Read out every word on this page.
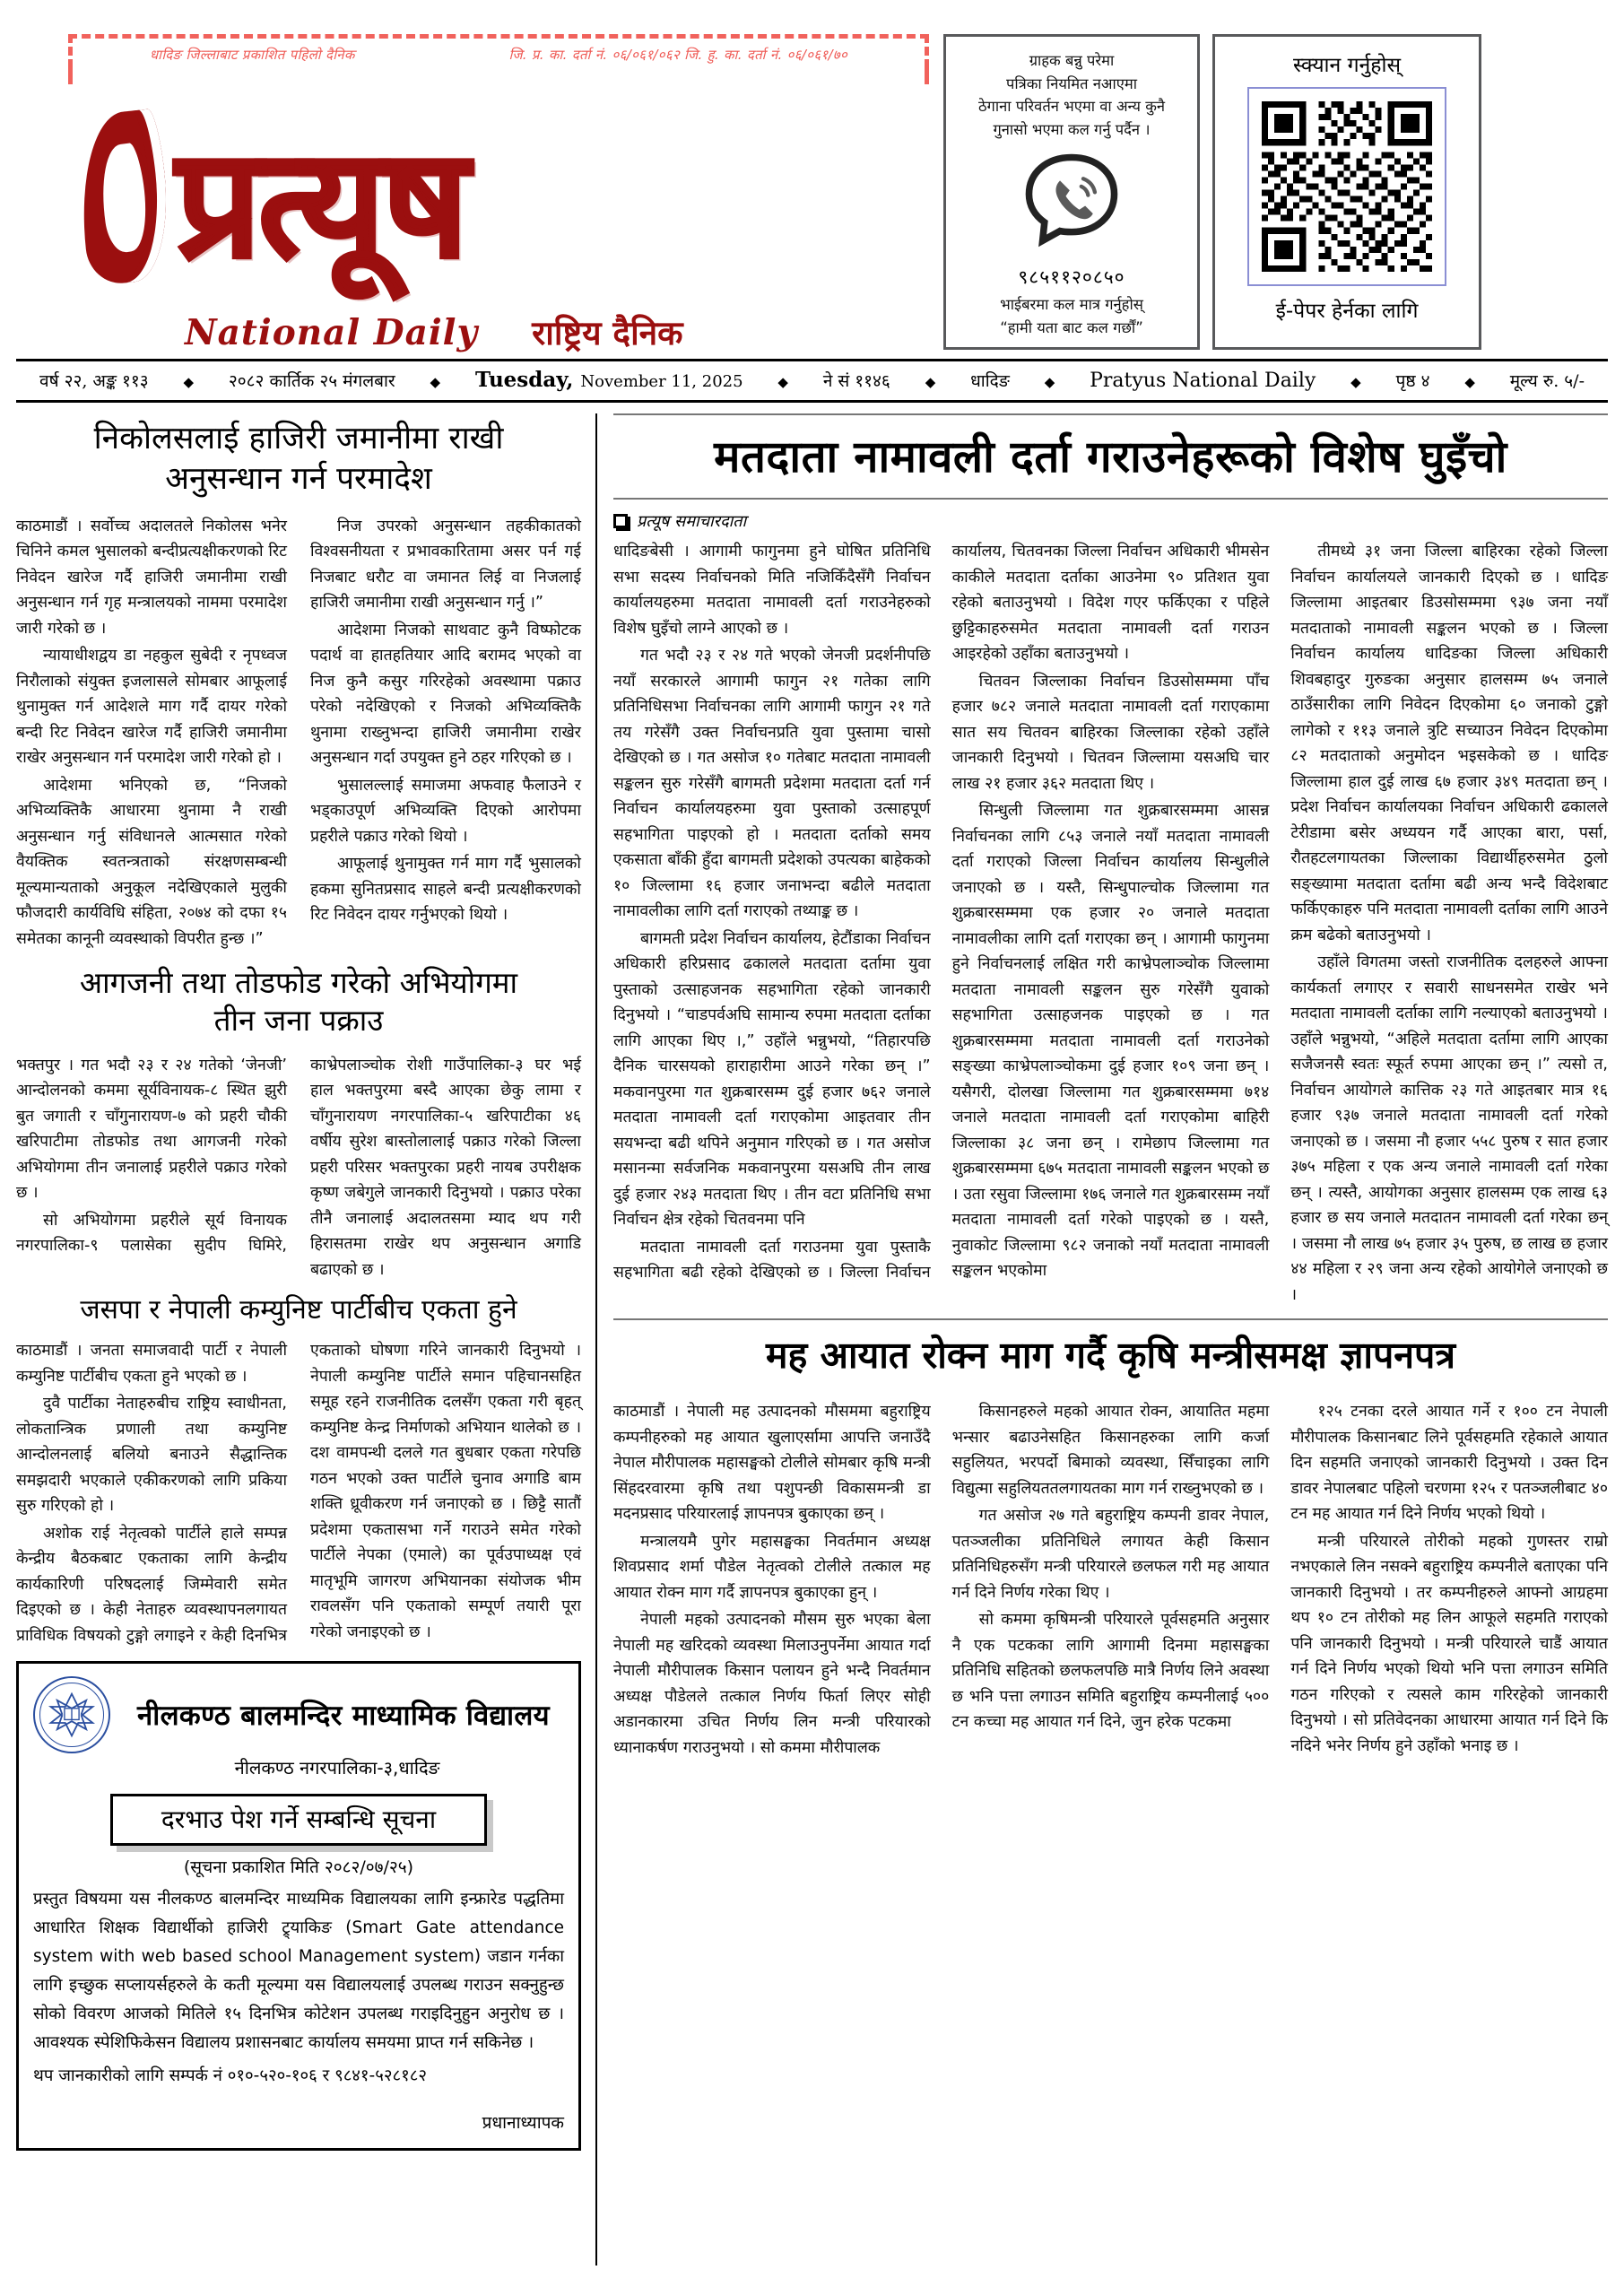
धादिङ जिल्लाबाट प्रकाशित पहिलो दैनिक	जि. प्र. का. दर्ता नं. ०६/०६१/०६२ जि. हु. का. दर्ता नं. ०६/०६१/७०
प्रत्यूष
National Daily राष्ट्रिय दैनिक
ग्राहक बन्नु परेमा
पत्रिका नियमित नआएमा
ठेगाना परिवर्तन भएमा वा अन्य कुनै
गुनासो भएमा कल गर्नु पर्दैन ।
९८५११२०८५०
भाईबरमा कल मात्र गर्नुहोस्
“हामी यता बाट कल गर्छौं”
स्क्यान गर्नुहोस्
ई-पेपर हेर्नका लागि
वर्ष २२, अङ्क ११३	◆ २०८२ कार्तिक २५ मंगलबार	◆ Tuesday, November 11, 2025	◆ ने सं ११४६	◆ धादिङ	◆ Pratyus National Daily	◆ पृष्ठ ४	◆ मूल्य रु. ५/-
निकोलसलाई हाजिरी जमानीमा राखी
अनुसन्धान गर्न परमादेश

काठमाडौं । सर्वोच्च अदालतले निकोलस भनेर चिनिने कमल भुसालको बन्दीप्रत्यक्षीकरणको रिट निवेदन खारेज गर्दै हाजिरी जमानीमा राखी अनुसन्धान गर्न गृह मन्त्रालयको नाममा परमादेश जारी गरेको छ ।

न्यायाधीशद्वय डा नहकुल सुबेदी र नृपध्वज निरौलाको संयुक्त इजलासले सोमबार आफूलाई थुनामुक्त गर्न आदेशले माग गर्दै दायर गरेको बन्दी रिट निवेदन खारेज गर्दै हाजिरी जमानीमा राखेर अनुसन्धान गर्न परमादेश जारी गरेको हो ।

आदेशमा भनिएको छ, “निजको अभिव्यक्तिकै आधारमा थुनामा नै राखी अनुसन्धान गर्नु संविधानले आत्मसात गरेको वैयक्तिक स्वतन्त्रताको संरक्षणसम्बन्धी मूल्यमान्यताको अनुकूल नदेखिएकाले मुलुकी फौजदारी कार्यविधि संहिता, २०७४ को दफा १५ समेतका कानूनी व्यवस्थाको विपरीत हुन्छ ।”

निज उपरको अनुसन्धान तहकीकातको विश्वसनीयता र प्रभावकारितामा असर पर्न गई निजबाट धरौट वा जमानत लिई वा निजलाई हाजिरी जमानीमा राखी अनुसन्धान गर्नु ।”

आदेशमा निजको साथवाट कुनै विष्फोटक पदार्थ वा हातहतियार आदि बरामद भएको वा निज कुनै कसुर गरिरहेको अवस्थामा पक्राउ परेको नदेखिएको र निजको अभिव्यक्तिकै थुनामा राख्नुभन्दा हाजिरी जमानीमा राखेर अनुसन्धान गर्दा उपयुक्त हुने ठहर गरिएको छ ।

भुसालल्लाई समाजमा अफवाह फैलाउने र भड्काउपूर्ण अभिव्यक्ति दिएको आरोपमा प्रहरीले पक्राउ गरेको थियो ।

आफूलाई थुनामुक्त गर्न माग गर्दै भुसालको हकमा सुनितप्रसाद साहले बन्दी प्रत्यक्षीकरणको रिट निवेदन दायर गर्नुभएको थियो ।

आगजनी तथा तोडफोड गरेको अभियोगमा
तीन जना पक्राउ

भक्तपुर । गत भदौ २३ र २४ गतेको ‘जेनजी’ आन्दोलनको कममा सूर्यविनायक-८ स्थित झुरी बुत जगाती र चाँगुनारायण-७ को प्रहरी चौकी खरिपाटीमा तोडफोड तथा आगजनी गरेको अभियोगमा तीन जनालाई प्रहरीले पक्राउ गरेको छ ।

सो अभियोगमा प्रहरीले सूर्य विनायक नगरपालिका-९ पलासेका सुदीप घिमिरे, काभ्रेपलाञ्चोक रोशी गाउँपालिका-३ घर भई हाल भक्तपुरमा बस्दै आएका छेकु लामा र चाँगुनारायण नगरपालिका-५ खरिपाटीका ४६ वर्षीय सुरेश बास्तोलालाई पक्राउ गरेको जिल्ला प्रहरी परिसर भक्तपुरका प्रहरी नायब उपरीक्षक कृष्ण जबेगुले जानकारी दिनुभयो । पक्राउ परेका तीनै जनालाई अदालतसमा म्याद थप गरी हिरासतमा राखेर थप अनुसन्धान अगाडि बढाएको छ ।

जसपा र नेपाली कम्युनिष्ट पार्टीबीच एकता हुने

काठमाडौं । जनता समाजवादी पार्टी र नेपाली कम्युनिष्ट पार्टीबीच एकता हुने भएको छ ।

दुवै पार्टीका नेताहरुबीच राष्ट्रिय स्वाधीनता, लोकतान्त्रिक प्रणाली तथा कम्युनिष्ट आन्दोलनलाई बलियो बनाउने सैद्धान्तिक समझदारी भएकाले एकीकरणको लागि प्रकिया सुरु गरिएको हो ।

अशोक राई नेतृत्वको पार्टीले हाले सम्पन्न केन्द्रीय बैठकबाट एकताका लागि केन्द्रीय कार्यकारिणी परिषदलाई जिम्मेवारी समेत दिइएको छ । केही नेताहरु व्यवस्थापनलगायत प्राविधिक विषयको टुङ्गो लगाइने र केही दिनभित्र एकताको घोषणा गरिने जानकारी दिनुभयो । नेपाली कम्युनिष्ट पार्टीले समान पहिचानसहित समूह रहने राजनीतिक दलसँग एकता गरी बृहत् कम्युनिष्ट केन्द्र निर्माणको अभियान थालेको छ । दश वामपन्थी दलले गत बुधबार एकता गरेपछि गठन भएको उक्त पार्टीले चुनाव अगाडि बाम शक्ति ध्रूवीकरण गर्न जनाएको छ । छिट्टै सातौं प्रदेशमा एकतासभा गर्ने गराउने समेत गरेको पार्टीले नेपका (एमाले) का पूर्वउपाध्यक्ष एवं मातृभूमि जागरण अभियानका संयोजक भीम रावलसँग पनि एकताको सम्पूर्ण तयारी पूरा गरेको जनाइएको छ ।

नीलकण्ठ बालमन्दिर माध्यामिक विद्यालय
नीलकण्ठ नगरपालिका-३,धादिङ
दरभाउ पेश गर्ने सम्बन्धि सूचना
(सूचना प्रकाशित मिति २०८२/०७/२५)
प्रस्तुत विषयमा यस नीलकण्ठ बालमन्दिर माध्यमिक विद्यालयका लागि इन्फ्रारेड पद्धतिमा आधारित शिक्षक विद्यार्थीको हाजिरी ट्र्याकिङ (Smart Gate attendance system with web based school Management system) जडान गर्नका लागि इच्छुक सप्लायर्सहरुले के कती मूल्यमा यस विद्यालयलाई उपलब्ध गराउन सक्नुहुन्छ सोको विवरण आजको मितिले १५ दिनभित्र कोटेशन उपलब्ध गराइदिनुहुन अनुरोध छ । आवश्यक स्पेशिफिकेसन विद्यालय प्रशासनबाट कार्यालय समयमा प्राप्त गर्न सकिनेछ ।
थप जानकारीको लागि सम्पर्क नं ०१०-५२०-१०६ र ९८४१-५२८१८२
प्रधानाध्यापक
मतदाता नामावली दर्ता गराउनेहरूको विशेष घुइँचो
प्रत्यूष समाचारदाता

धादिङबेसी । आगामी फागुनमा हुने घोषित प्रतिनिधि सभा सदस्य निर्वाचनको मिति नजिकिँदैसँगै निर्वाचन कार्यालयहरुमा मतदाता नामावली दर्ता गराउनेहरुको विशेष घुइँचो लाग्ने आएको छ ।

गत भदौ २३ र २४ गते भएको जेनजी प्रदर्शनीपछि नयाँ सरकारले आगामी फागुन २१ गतेका लागि प्रतिनिधिसभा निर्वाचनका लागि आगामी फागुन २१ गते तय गरेसँगै उक्त निर्वाचनप्रति युवा पुस्तामा चासो देखिएको छ । गत असोज १० गतेबाट मतदाता नामावली सङ्कलन सुरु गरेसँगै बागमती प्रदेशमा मतदाता दर्ता गर्न निर्वाचन कार्यालयहरुमा युवा पुस्ताको उत्साहपूर्ण सहभागिता पाइएको हो । मतदाता दर्ताको समय एकसाता बाँकी हुँदा बागमती प्रदेशको उपत्यका बाहेकको १० जिल्लामा १६ हजार जनाभन्दा बढीले मतदाता नामावलीका लागि दर्ता गराएको तथ्याङ्क छ ।

बागमती प्रदेश निर्वाचन कार्यालय, हेटौंडाका निर्वाचन अधिकारी हरिप्रसाद ढकालले मतदाता दर्तामा युवा पुस्ताको उत्साहजनक सहभागिता रहेको जानकारी दिनुभयो । “चाडपर्वअघि सामान्य रुपमा मतदाता दर्ताका लागि आएका थिए ।,” उहाँले भन्नुभयो, “तिहारपछि दैनिक चारसयको हाराहारीमा आउने गरेका छन् ।” मकवानपुरमा गत शुक्रबारसम्म दुई हजार ७६२ जनाले मतदाता नामावली दर्ता गराएकोमा आइतवार तीन सयभन्दा बढी थपिने अनुमान गरिएको छ । गत असोज मसानन्मा सर्वजनिक मकवानपुरमा यसअघि तीन लाख दुई हजार २४३ मतदाता थिए । तीन वटा प्रतिनिधि सभा निर्वाचन क्षेत्र रहेको चितवनमा पनि

मतदाता नामावली दर्ता गराउनमा युवा पुस्ताकै सहभागिता बढी रहेको देखिएको छ । जिल्ला निर्वाचन कार्यालय, चितवनका जिल्ला निर्वाचन अधिकारी भीमसेन काकीले मतदाता दर्ताका आउनेमा ९० प्रतिशत युवा रहेको बताउनुभयो । विदेश गएर फर्किएका र पहिले छुट्टिकाहरुसमेत मतदाता नामावली दर्ता गराउन आइरहेको उहाँका बताउनुभयो ।

चितवन जिल्लाका निर्वाचन डिउसोसम्ममा पाँच हजार ७८२ जनाले मतदाता नामावली दर्ता गराएकामा सात सय चितवन बाहिरका जिल्लाका रहेको उहाँले जानकारी दिनुभयो । चितवन जिल्लामा यसअघि चार लाख २१ हजार ३६२ मतदाता थिए ।

सिन्धुली जिल्लामा गत शुक्रबारसम्ममा आसन्न निर्वाचनका लागि ८५३ जनाले नयाँ मतदाता नामावली दर्ता गराएको जिल्ला निर्वाचन कार्यालय सिन्धुलीले जनाएको छ । यस्तै, सिन्धुपाल्चोक जिल्लामा गत शुक्रबारसम्ममा एक हजार २० जनाले मतदाता नामावलीका लागि दर्ता गराएका छन् । आगामी फागुनमा हुने निर्वाचनलाई लक्षित गरी काभ्रेपलाञ्चोक जिल्लामा मतदाता नामावली सङ्कलन सुरु गरेसँगै युवाको सहभागिता उत्साहजनक पाइएको छ । गत शुक्रबारसम्ममा मतदाता नामावली दर्ता गराउनेको सङ्ख्या काभ्रेपलाञ्चोकमा दुई हजार १०९ जना छन् । यसैगरी, दोलखा जिल्लामा गत शुक्रबारसम्ममा ७१४ जनाले मतदाता नामावली दर्ता गराएकोमा बाहिरी जिल्लाका ३८ जना छन् । रामेछाप जिल्लामा गत शुक्रबारसम्ममा ६७५ मतदाता नामावली सङ्कलन भएको छ । उता रसुवा जिल्लामा १७६ जनाले गत शुक्रबारसम्म नयाँ मतदाता नामावली दर्ता गरेको पाइएको छ । यस्तै, नुवाकोट जिल्लामा ९८२ जनाको नयाँ मतदाता नामावली सङ्कलन भएकोमा

तीमध्ये ३१ जना जिल्ला बाहिरका रहेको जिल्ला निर्वाचन कार्यालयले जानकारी दिएको छ । धादिङ जिल्लामा आइतबार डिउसोसम्ममा ९३७ जना नयाँ मतदाताको नामावली सङ्कलन भएको छ । जिल्ला निर्वाचन कार्यालय धादिङका जिल्ला अधिकारी शिवबहादुर गुरुङका अनुसार हालसम्म ७५ जनाले ठाउँसारीका लागि निवेदन दिएकोमा ६० जनाको टुङ्गो लागेको र ११३ जनाले त्रुटि सच्याउन निवेदन दिएकोमा ८२ मतदाताको अनुमोदन भइसकेको छ । धादिङ जिल्लामा हाल दुई लाख ६७ हजार ३४९ मतदाता छन् । प्रदेश निर्वाचन कार्यालयका निर्वाचन अधिकारी ढकालले टेरीडामा बसेर अध्ययन गर्दै आएका बारा, पर्सा, रौतहटलगायतका जिल्लाका विद्यार्थीहरुसमेत ठुलो सङ्ख्यामा मतदाता दर्तामा बढी अन्य भन्दै विदेशबाट फर्किएकाहरु पनि मतदाता नामावली दर्ताका लागि आउने क्रम बढेको बताउनुभयो ।

उहाँले विगतमा जस्तो राजनीतिक दलहरुले आफ्ना कार्यकर्ता लगाएर र सवारी साधनसमेत राखेर भने मतदाता नामावली दर्ताका लागि नल्याएको बताउनुभयो । उहाँले भन्नुभयो, “अहिले मतदाता दर्तामा लागि आएका सजैजनसै स्वतः स्फूर्त रुपमा आएका छन् ।” त्यसो त, निर्वाचन आयोगले कात्तिक २३ गते आइतबार मात्र १६ हजार ९३७ जनाले मतदाता नामावली दर्ता गरेको जनाएको छ । जसमा नौ हजार ५५८ पुरुष र सात हजार ३७५ महिला र एक अन्य जनाले नामावली दर्ता गरेका छन् । त्यस्तै, आयोगका अनुसार हालसम्म एक लाख ६३ हजार छ सय जनाले मतदातन नामावली दर्ता गरेका छन् । जसमा नौ लाख ७५ हजार ३५ पुरुष, छ लाख छ हजार ४४ महिला र २९ जना अन्य रहेको आयोगेले जनाएको छ ।

मह आयात रोक्न माग गर्दै कृषि मन्त्रीसमक्ष ज्ञापनपत्र

काठमाडौं । नेपाली मह उत्पादनको मौसममा बहुराष्ट्रिय कम्पनीहरुको मह आयात खुलाएर्सामा आपत्ति जनाउँदै नेपाल मौरीपालक महासङ्घको टोलीले सोमबार कृषि मन्त्री सिंहदरवारमा कृषि तथा पशुपन्छी विकासमन्त्री डा मदनप्रसाद परियारलाई ज्ञापनपत्र बुकाएका छन् ।

मन्त्रालयमै पुगेर महासङ्घका निवर्तमान अध्यक्ष शिवप्रसाद शर्मा पौडेल नेतृत्वको टोलीले तत्काल मह आयात रोक्न माग गर्दै ज्ञापनपत्र बुकाएका हुन् ।

नेपाली महको उत्पादनको मौसम सुरु भएका बेला नेपाली मह खरिदको व्यवस्था मिलाउनुपर्नेमा आयात गर्दा नेपाली मौरीपालक किसान पलायन हुने भन्दै निवर्तमान अध्यक्ष पौडेलले तत्काल निर्णय फिर्ता लिएर सोही अडानकारमा उचित निर्णय लिन मन्त्री परियारको ध्यानाकर्षण गराउनुभयो । सो कममा मौरीपालक

किसानहरुले महको आयात रोक्न, आयातित महमा भन्सार बढाउनेसहित किसानहरुका लागि कर्जा सहुलियत, भरपर्दो बिमाको व्यवस्था, सिँचाइका लागि विद्युत्मा सहुलियततलगायतका माग गर्न राख्नुभएको छ ।

गत असोज २७ गते बहुराष्ट्रिय कम्पनी डावर नेपाल, पतञ्जलीका प्रतिनिधिले लगायत केही किसान प्रतिनिधिहरुसँग मन्त्री परियारले छलफल गरी मह आयात गर्न दिने निर्णय गरेका थिए ।

सो कममा कृषिमन्त्री परियारले पूर्वसहमति अनुसार नै एक पटकका लागि आगामी दिनमा महासङ्घका प्रतिनिधि सहितको छलफलपछि मात्रै निर्णय लिने अवस्था छ भनि पत्ता लगाउन समिति बहुराष्ट्रिय कम्पनीलाई ५०० टन कच्चा मह आयात गर्न दिने, जुन हरेक पटकमा

१२५ टनका दरले आयात गर्ने र १०० टन नेपाली मौरीपालक किसानबाट लिने पूर्वसहमति रहेकाले आयात दिन सहमति जनाएको जानकारी दिनुभयो । उक्त दिन डावर नेपालबाट पहिलो चरणमा १२५ र पतञ्जलीबाट ४० टन मह आयात गर्न दिने निर्णय भएको थियो ।

मन्त्री परियारले तोरीको महको गुणस्तर राम्रो नभएकाले लिन नसक्ने बहुराष्ट्रिय कम्पनीले बताएका पनि जानकारी दिनुभयो । तर कम्पनीहरुले आफ्नो आग्रहमा थप १० टन तोरीको मह लिन आफूले सहमति गराएको पनि जानकारी दिनुभयो । मन्त्री परियारले चाडैं आयात गर्न दिने निर्णय भएको थियो भनि पत्ता लगाउन समिति गठन गरिएको र त्यसले काम गरिरहेको जानकारी दिनुभयो । सो प्रतिवेदनका आधारमा आयात गर्न दिने कि नदिने भनेर निर्णय हुने उहाँको भनाइ छ ।
